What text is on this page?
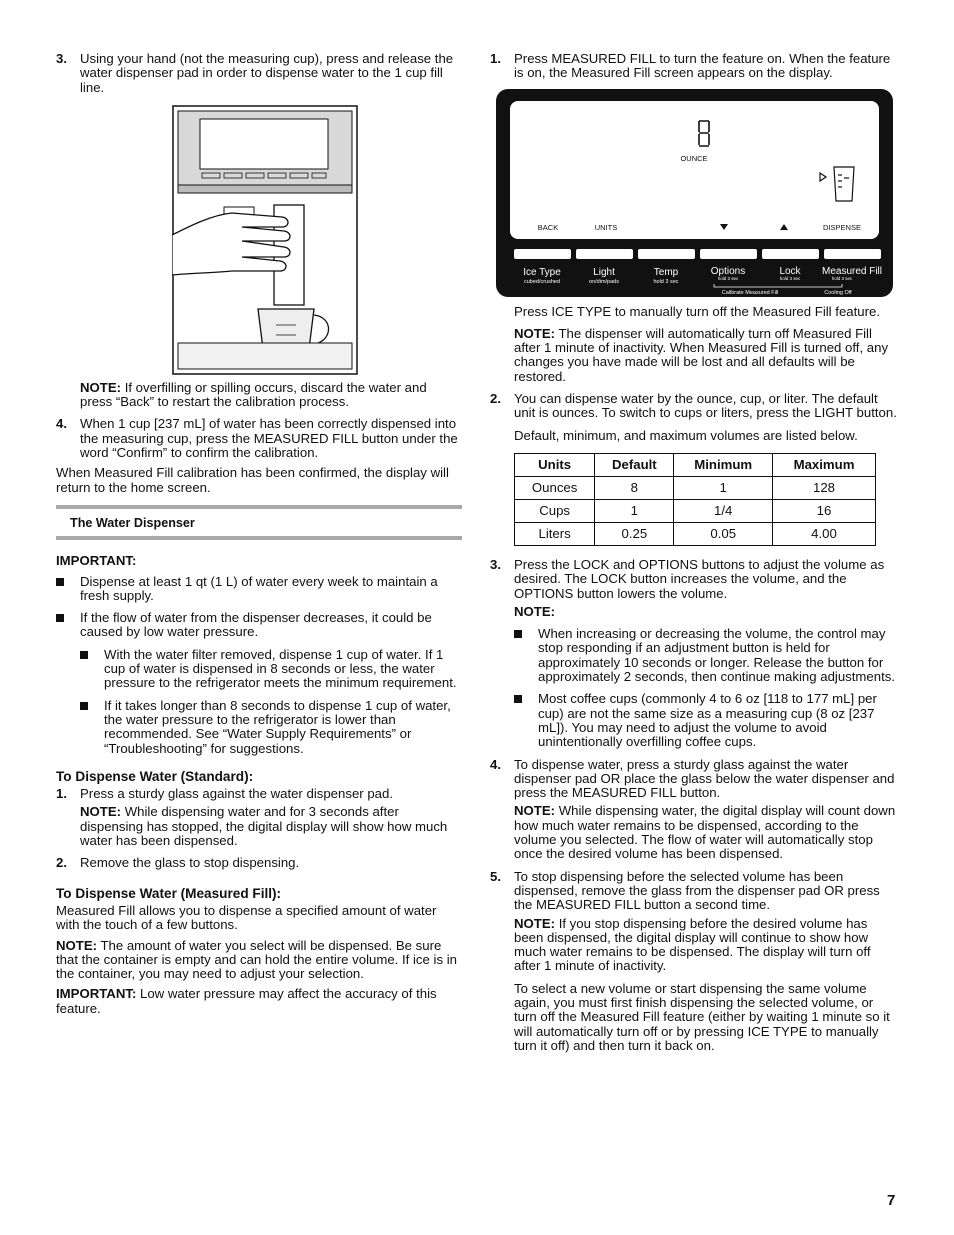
3. Using your hand (not the measuring cup), press and release the water dispenser pad in order to dispense water to the 1 cup fill line.
NOTE: If overfilling or spilling occurs, discard the water and press “Back” to restart the calibration process.
4. When 1 cup [237 mL] of water has been correctly dispensed into the measuring cup, press the MEASURED FILL button under the word “Confirm” to confirm the calibration.

When Measured Fill calibration has been confirmed, the display will return to the home screen.

The Water Dispenser
IMPORTANT:
Dispense at least 1 qt (1 L) of water every week to maintain a fresh supply.
If the flow of water from the dispenser decreases, it could be caused by low water pressure.
With the water filter removed, dispense 1 cup of water. If 1 cup of water is dispensed in 8 seconds or less, the water pressure to the refrigerator meets the minimum requirement.
If it takes longer than 8 seconds to dispense 1 cup of water, the water pressure to the refrigerator is lower than recommended. See “Water Supply Requirements” or “Troubleshooting” for suggestions.
To Dispense Water (Standard):
1. Press a sturdy glass against the water dispenser pad.
NOTE: While dispensing water and for 3 seconds after dispensing has stopped, the digital display will show how much water has been dispensed.
2. Remove the glass to stop dispensing.
To Dispense Water (Measured Fill):

Measured Fill allows you to dispense a specified amount of water with the touch of a few buttons.

NOTE: The amount of water you select will be dispensed. Be sure that the container is empty and can hold the entire volume. If ice is in the container, you may need to adjust your selection.

IMPORTANT: Low water pressure may affect the accuracy of this feature.

1. Press MEASURED FILL to turn the feature on. When the feature is on, the Measured Fill screen appears on the display.
8
OUNCE
BACK	UNITS	DISPENSE
Ice Type
cubed/crushed
Light
on/dim/pads
Temp
hold 3 sec
Options
hold 3 sec
Lock
hold 3 sec
Measured Fill
hold 3 sec
Calibrate Measured Fill	Cooling Off
Press ICE TYPE to manually turn off the Measured Fill feature.
NOTE: The dispenser will automatically turn off Measured Fill after 1 minute of inactivity. When Measured Fill is turned off, any changes you have made will be lost and all defaults will be restored.
2. You can dispense water by the ounce, cup, or liter. The default unit is ounces. To switch to cups or liters, press the LIGHT button.
Default, minimum, and maximum volumes are listed below.
Units	Default	Minimum	Maximum
Ounces	8	1	128
Cups	1	1/4	16
Liters	0.25	0.05	4.00
3. Press the LOCK and OPTIONS buttons to adjust the volume as desired. The LOCK button increases the volume, and the OPTIONS button lowers the volume.
NOTE:
When increasing or decreasing the volume, the control may stop responding if an adjustment button is held for approximately 10 seconds or longer. Release the button for approximately 2 seconds, then continue making adjustments.
Most coffee cups (commonly 4 to 6 oz [118 to 177 mL] per cup) are not the same size as a measuring cup (8 oz [237 mL]). You may need to adjust the volume to avoid unintentionally overfilling coffee cups.
4. To dispense water, press a sturdy glass against the water dispenser pad OR place the glass below the water dispenser and press the MEASURED FILL button.
NOTE: While dispensing water, the digital display will count down how much water remains to be dispensed, according to the volume you selected. The flow of water will automatically stop once the desired volume has been dispensed.
5. To stop dispensing before the selected volume has been dispensed, remove the glass from the dispenser pad OR press the MEASURED FILL button a second time.
NOTE: If you stop dispensing before the desired volume has been dispensed, the digital display will continue to show how much water remains to be dispensed. The display will turn off after 1 minute of inactivity.
To select a new volume or start dispensing the same volume again, you must first finish dispensing the selected volume, or turn off the Measured Fill feature (either by waiting 1 minute so it will automatically turn off or by pressing ICE TYPE to manually turn it off) and then turn it back on.
7
